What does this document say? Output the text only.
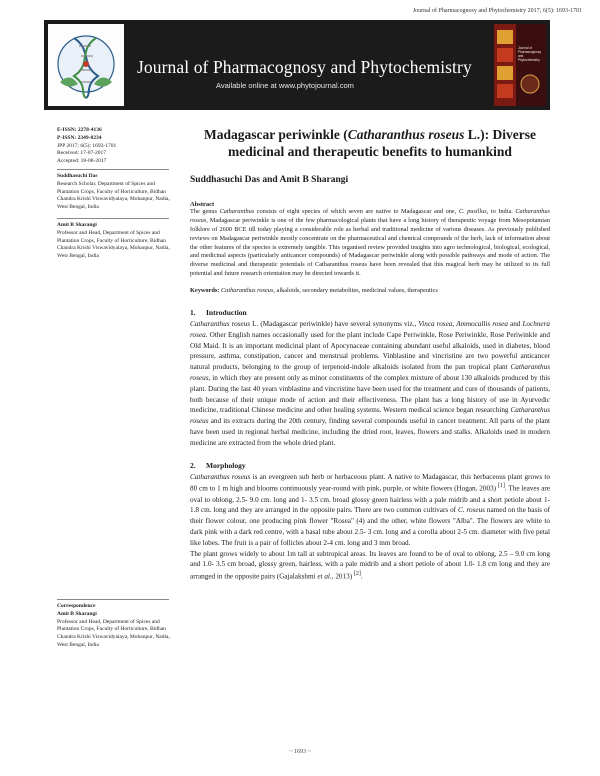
Journal of Pharmacognosy and Phytochemistry 2017; 6(5): 1693-1701
Journal of Pharmacognosy and Phytochemistry
Available online at www.phytojournal.com
Journal of Pharmacognosy and Phytochemistry
E-ISSN: 2278-4136
P-ISSN: 2349-8234
JPP 2017; 6(5): 1693-1701
Received: 17-07-2017
Accepted: 18-08-2017
Suddhasuchi Das
Research Scholar, Department of Spices and Plantation Crops, Faculty of Horticulture, Bidhan Chandra Krishi Viswavidyalaya, Mohanpur, Nadia, West Bengal, India
Amit B Sharangi
Professor and Head, Department of Spices and Plantation Crops, Faculty of Horticulture, Bidhan Chandra Krishi Viswavidyalaya, Mohanpur, Nadia, West Bengal, India
Correspondence
Amit B Sharangi
Professor and Head, Department of Spices and Plantation Crops, Faculty of Horticulture, Bidhan Chandra Krishi Viswavidyalaya, Mohanpur, Nadia, West Bengal, India
Madagascar periwinkle (Catharanthus roseus L.): Diverse medicinal and therapeutic benefits to humankind
Suddhasuchi Das and Amit B Sharangi
Abstract
The genus Catharanthus consists of eight species of which seven are native to Madagascar and one, C. pusillus, to India. Catharanthus roseus, Madagascar periwinkle is one of the few pharmacological plants that have a long history of therapeutic voyage from Mesopotamian folklore of 2600 BCE till today playing a considerable role as herbal and traditional medicine of various diseases. As previously published reviews on Madagascar periwinkle mostly concentrate on the pharmaceutical and chemical compounds of the herb, lack of information about the other features of the species is extremely tangible. This organised review provided insights into agro technological, biological, ecological, and medicinal aspects (particularly anticancer compounds) of Madagascar periwinkle along with possible pathways and mode of action. The diverse medicinal and therapeutic potentials of Catharanthus roseus have been revealed that this magical herb may be utilized to its full potential and future research orientation may be directed towards it.
Keywords: Catharanthus roseus, alkaloids, secondary metabolites, medicinal values, therapeutics
1. Introduction
Catharanthus roseus L. (Madagascar periwinkle) have several synonyms viz., Vinca rosea, Ammocallis rosea and Lochnera rosea. Other English names occasionally used for the plant include Cape Periwinkle, Rose Periwinkle, Rose Periwinkle and Old Maid. It is an important medicinal plant of Apocynaceae containing abundant useful alkaloids, used in diabetes, blood pressure, asthma, constipation, cancer and menstrual problems. Vinblastine and vincristine are two powerful anticancer natural products, belonging to the group of terpenoid-indole alkaloids isolated from the pan tropical plant Catharanthus roseus, in which they are present only as minor constituents of the complex mixture of about 130 alkaloids produced by this plant. During the last 40 years vinblastine and vincristine have been used for the treatment and cure of thousands of patients, both because of their unique mode of action and their effectiveness. The plant has a long history of use in Ayurvedic medicine, traditional Chinese medicine and other healing systems. Western medical science began researching Catharanthus roseus and its extracts during the 20th century, finding several compounds useful in cancer treatment. All parts of the plant have been used in regional herbal medicine, including the dried root, leaves, flowers and stalks. Alkaloids used in modern medicine are extracted from the whole dried plant.
2. Morphology
Catharanthus roseus is an evergreen sub herb or herbaceous plant. A native to Madagascar, this herbaceous plant grows to 80 cm to 1 m high and blooms continuously year-round with pink, purple, or white flowers (Hogan, 2003) [1]. The leaves are oval to oblong, 2.5- 9.0 cm. long and 1- 3.5 cm. broad glossy green hairless with a pale midrib and a short petiole about 1- 1.8 cm. long and they are arranged in the opposite pairs. There are two common cultivars of C. roseus named on the basis of their flower colour, one producing pink flower "Rosea" (4) and the other, white flowers "Alba". The flowers are white to dark pink with a dark red centre, with a basal tube about 2.5- 3 cm. long and a corolla about 2-5 cm. diameter with five petal like lobes. The fruit is a pair of follicles about 2-4 cm. long and 3 mm broad.
The plant grows widely to about 1m tall at subtropical areas. Its leaves are found to be of oval to oblong, 2.5 – 9.0 cm long and 1.0- 3.5 cm broad, glossy green, hairless, with a pale midrib and a short petiole of about 1.0- 1.8 cm long and they are arranged in the opposite pairs (Gajalakshmi et al., 2013) [2].
~ 1693 ~
